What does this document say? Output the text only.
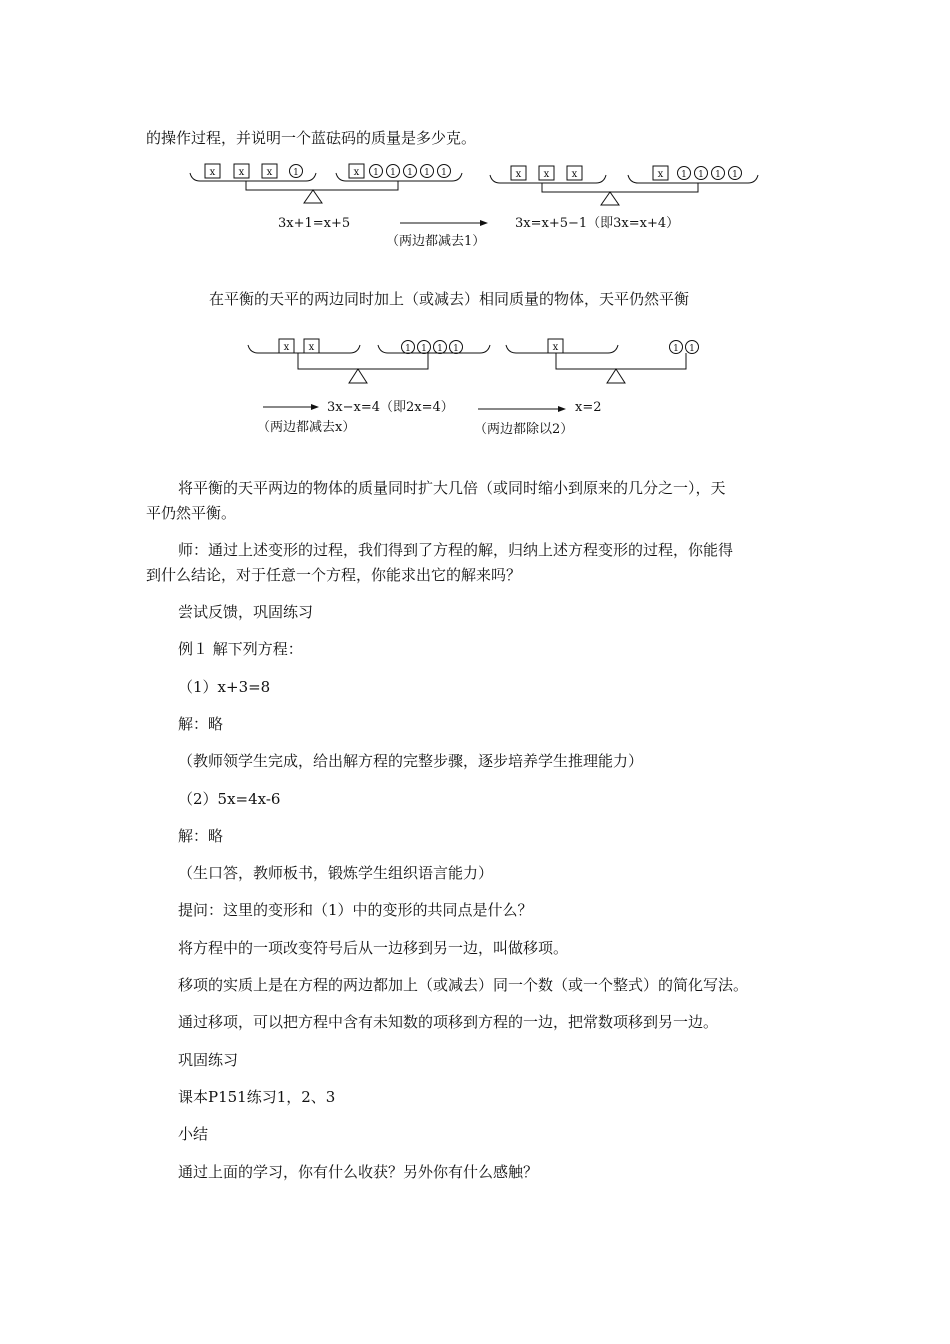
的操作过程，并说明一个蓝砝码的质量是多少克。
x x x 1	x 1 1 1 1 1	x x x	x 1 1 1 1
x x	1 1 1 1	x	1 1
3x+1=x+5	3x=x+5−1（即3x=x+4）
（两边都减去1）
在平衡的天平的两边同时加上（或减去）相同质量的物体，天平仍然平衡
3x−x=4（即2x=4）	x=2
（两边都减去x）	（两边都除以2）
将平衡的天平两边的物体的质量同时扩大几倍（或同时缩小到原来的几分之一），天
平仍然平衡。
师：通过上述变形的过程，我们得到了方程的解，归纳上述方程变形的过程，你能得
到什么结论，对于任意一个方程，你能求出它的解来吗？
尝试反馈，巩固练习
例１ 解下列方程：
（1）x+3=8
解：略
（教师领学生完成，给出解方程的完整步骤，逐步培养学生推理能力）
（2）5x=4x-6
解：略
（生口答，教师板书，锻炼学生组织语言能力）
提问：这里的变形和（1）中的变形的共同点是什么？
将方程中的一项改变符号后从一边移到另一边，叫做移项。
移项的实质上是在方程的两边都加上（或减去）同一个数（或一个整式）的简化写法。
通过移项，可以把方程中含有未知数的项移到方程的一边，把常数项移到另一边。
巩固练习
课本P151练习1，2、3
小结
通过上面的学习，你有什么收获？另外你有什么感触？
